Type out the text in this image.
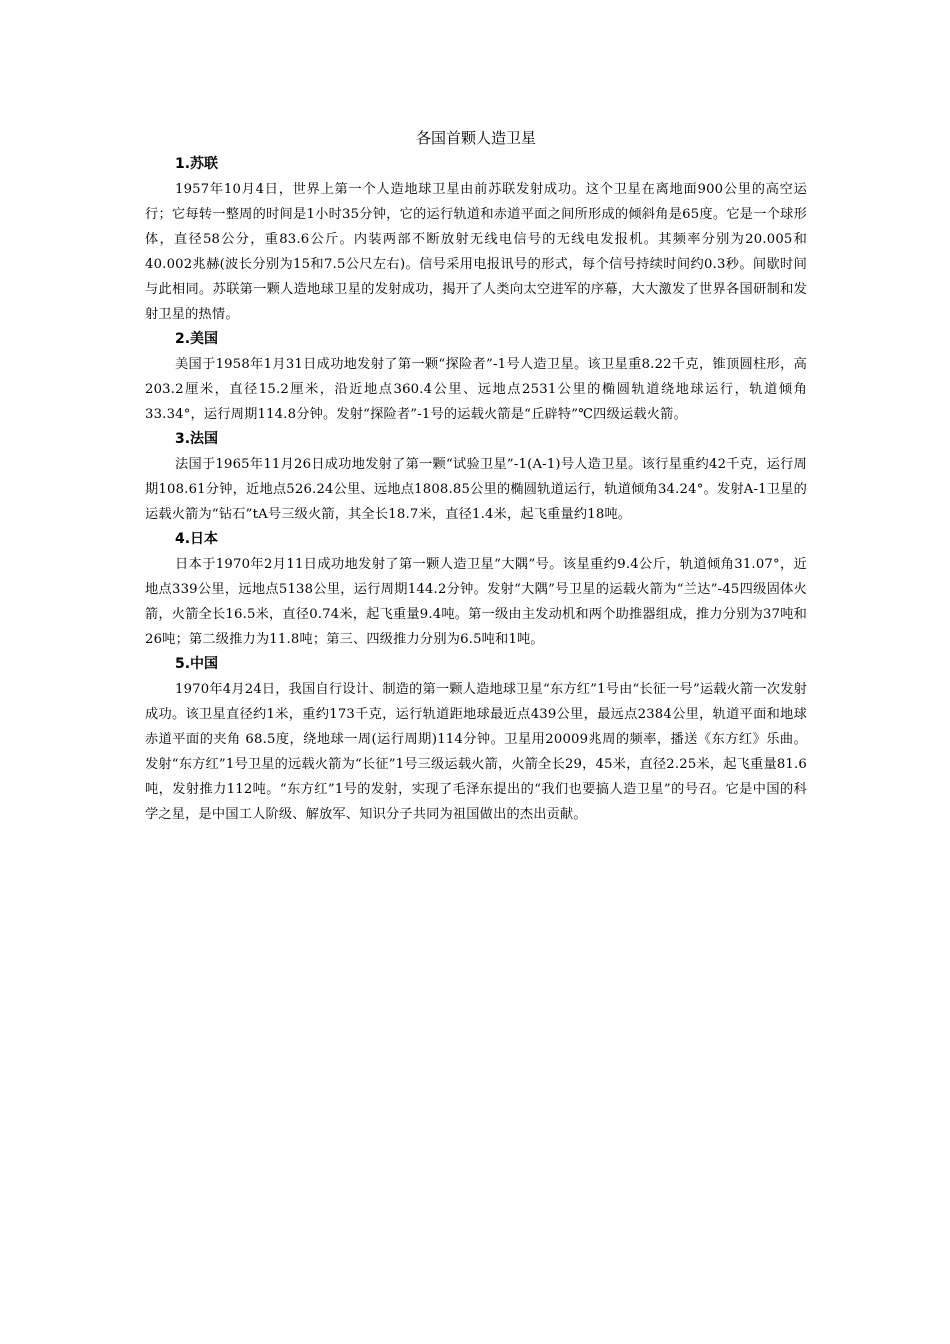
各国首颗人造卫星
1.苏联

1957年10月4日，世界上第一个人造地球卫星由前苏联发射成功。这个卫星在离地面900公里的高空运行；它每转一整周的时间是1小时35分钟，它的运行轨道和赤道平面之间所形成的倾斜角是65度。它是一个球形体，直径58公分，重83.6公斤。内装两部不断放射无线电信号的无线电发报机。其频率分别为20.005和40.002兆赫(波长分别为15和7.5公尺左右)。信号采用电报讯号的形式，每个信号持续时间约0.3秒。间歇时间与此相同。苏联第一颗人造地球卫星的发射成功，揭开了人类向太空进军的序幕，大大激发了世界各国研制和发射卫星的热情。

2.美国

美国于1958年1月31日成功地发射了第一颗“探险者”-1号人造卫星。该卫星重8.22千克，锥顶圆柱形，高203.2厘米，直径15.2厘米，沿近地点360.4公里、远地点2531公里的椭圆轨道绕地球运行，轨道倾角33.34°，运行周期114.8分钟。发射“探险者”-1号的运载火箭是“丘辟特”℃四级运载火箭。

3.法国

法国于1965年11月26日成功地发射了第一颗“试验卫星”-1(A-1)号人造卫星。该行星重约42千克，运行周期108.61分钟，近地点526.24公里、远地点1808.85公里的椭圆轨道运行，轨道倾角34.24°。发射A-1卫星的运载火箭为“钻石”tA号三级火箭，其全长18.7米，直径1.4米，起飞重量约18吨。

4.日本

日本于1970年2月11日成功地发射了第一颗人造卫星“大隅”号。该星重约9.4公斤，轨道倾角31.07°，近地点339公里，远地点5138公里，运行周期144.2分钟。发射“大隅”号卫星的运载火箭为“兰达”-45四级固体火箭，火箭全长16.5米，直径0.74米，起飞重量9.4吨。第一级由主发动机和两个助推器组成，推力分别为37吨和26吨；第二级推力为11.8吨；第三、四级推力分别为6.5吨和1吨。

5.中国

1970年4月24日，我国自行设计、制造的第一颗人造地球卫星“东方红”1号由“长征一号”运载火箭一次发射成功。该卫星直径约1米，重约173千克，运行轨道距地球最近点439公里，最远点2384公里，轨道平面和地球赤道平面的夹角 68.5度，绕地球一周(运行周期)114分钟。卫星用20009兆周的频率，播送《东方红》乐曲。发射“东方红”1号卫星的远载火箭为“长征”1号三级运载火箭，火箭全长29，45米，直径2.25米，起飞重量81.6吨，发射推力112吨。“东方红”1号的发射，实现了毛泽东提出的“我们也要搞人造卫星”的号召。它是中国的科学之星，是中国工人阶级、解放军、知识分子共同为祖国做出的杰出贡献。
